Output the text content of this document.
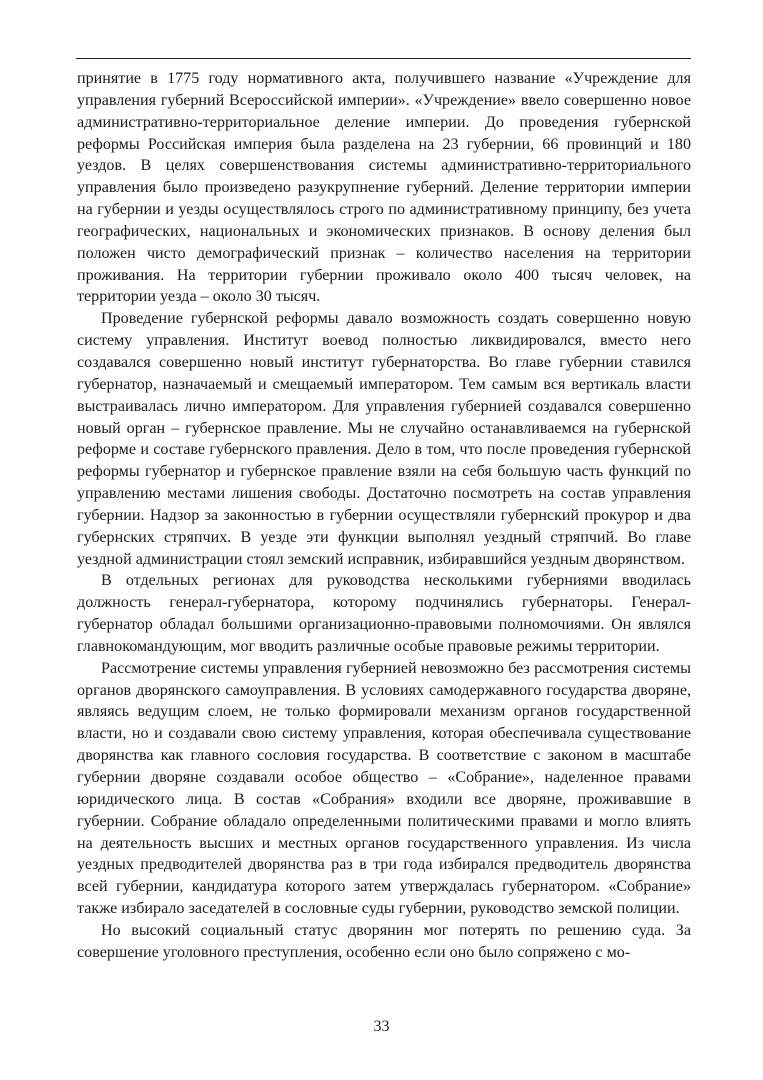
принятие в 1775 году нормативного акта, получившего название «Учреждение для управления губерний Всероссийской империи». «Учреждение» ввело совершенно новое административно-территориальное деление империи. До проведения губернской реформы Российская империя была разделена на 23 губернии, 66 провинций и 180 уездов. В целях совершенствования системы административно-территориального управления было произведено разукрупнение губерний. Деление территории империи на губернии и уезды осуществлялось строго по административному принципу, без учета географических, национальных и экономических признаков. В основу деления был положен чисто демографический признак – количество населения на территории проживания. На территории губернии проживало около 400 тысяч человек, на территории уезда – около 30 тысяч.

Проведение губернской реформы давало возможность создать совершенно новую систему управления. Институт воевод полностью ликвидировался, вместо него создавался совершенно новый институт губернаторства. Во главе губернии ставился губернатор, назначаемый и смещаемый императором. Тем самым вся вертикаль власти выстраивалась лично императором. Для управления губернией создавался совершенно новый орган – губернское правление. Мы не случайно останавливаемся на губернской реформе и составе губернского правления. Дело в том, что после проведения губернской реформы губернатор и губернское правление взяли на себя большую часть функций по управлению местами лишения свободы. Достаточно посмотреть на состав управления губернии. Надзор за законностью в губернии осуществляли губернский прокурор и два губернских стряпчих. В уезде эти функции выполнял уездный стряпчий. Во главе уездной администрации стоял земский исправник, избиравшийся уездным дворянством.

В отдельных регионах для руководства несколькими губерниями вводилась должность генерал-губернатора, которому подчинялись губернаторы. Генерал-губернатор обладал большими организационно-правовыми полномочиями. Он являлся главнокомандующим, мог вводить различные особые правовые режимы территории.

Рассмотрение системы управления губернией невозможно без рассмотрения системы органов дворянского самоуправления. В условиях самодержавного государства дворяне, являясь ведущим слоем, не только формировали механизм органов государственной власти, но и создавали свою систему управления, которая обеспечивала существование дворянства как главного сословия государства. В соответствие с законом в масштабе губернии дворяне создавали особое общество – «Собрание», наделенное правами юридического лица. В состав «Собрания» входили все дворяне, проживавшие в губернии. Собрание обладало определенными политическими правами и могло влиять на деятельность высших и местных органов государственного управления. Из числа уездных предводителей дворянства раз в три года избирался предводитель дворянства всей губернии, кандидатура которого затем утверждалась губернатором. «Собрание» также избирало заседателей в сословные суды губернии, руководство земской полиции.

Но высокий социальный статус дворянин мог потерять по решению суда. За совершение уголовного преступления, особенно если оно было сопряжено с мо-

33
